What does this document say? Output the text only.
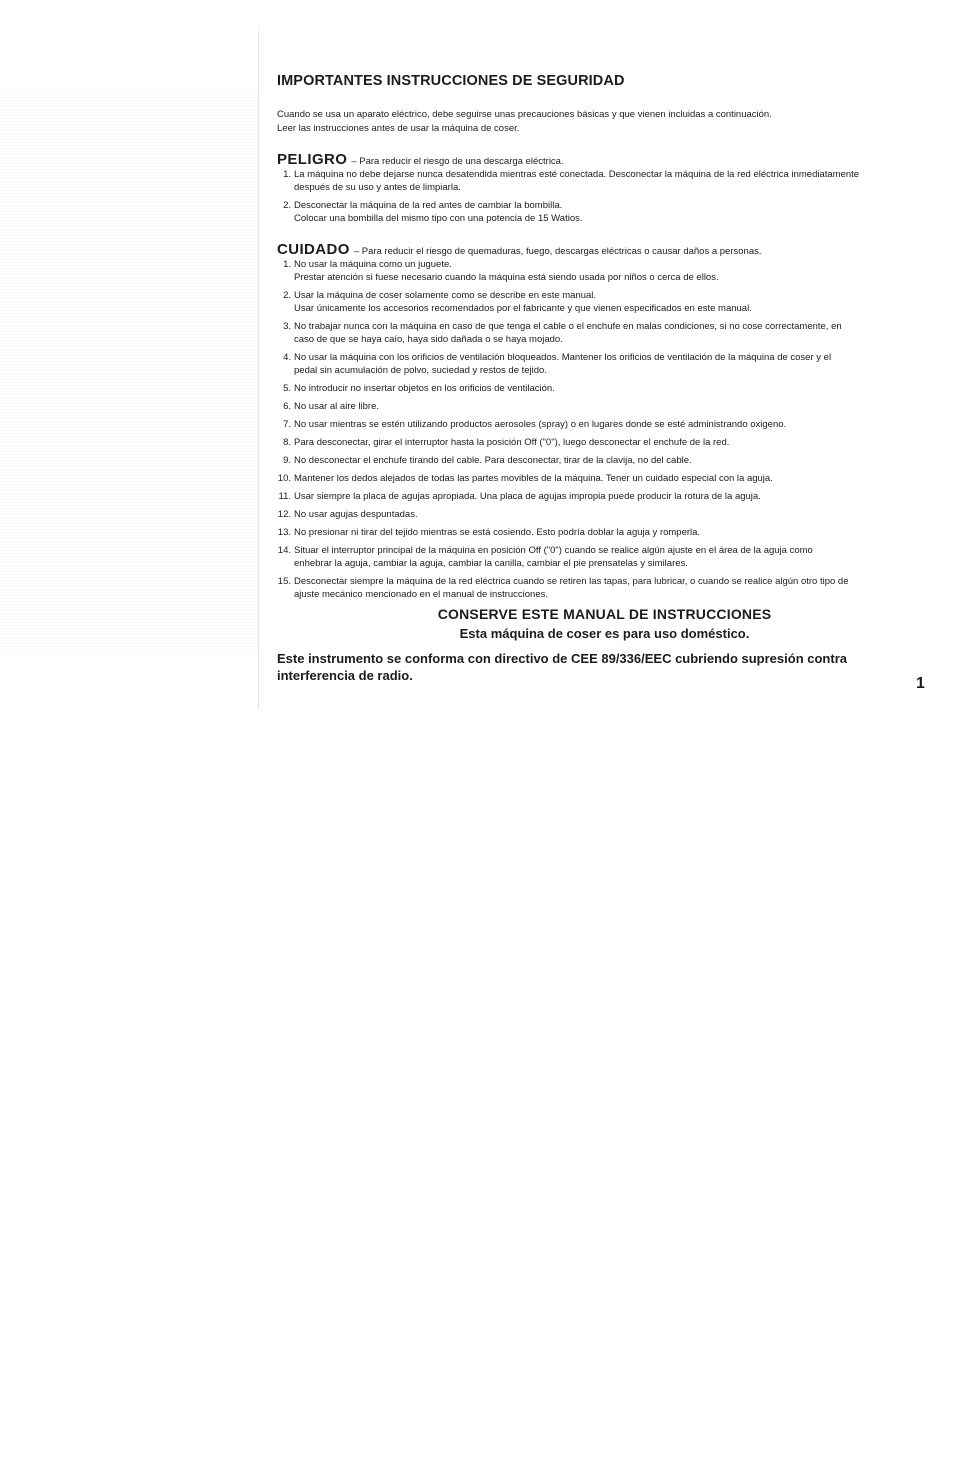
IMPORTANTES INSTRUCCIONES DE SEGURIDAD
Cuando se usa un aparato eléctrico, debe seguirse unas precauciones básicas y que vienen incluidas a continuación.
Leer las instrucciones antes de usar la máquina de coser.
PELIGRO – Para reducir el riesgo de una descarga eléctrica.
1. La máquina no debe dejarse nunca desatendida mientras esté conectada. Desconectar la máquina de la red eléctrica inmediatamente
después de su uso y antes de limpiarla.
2. Desconectar la máquina de la red antes de cambiar la bombilla.
Colocar una bombilla del mismo tipo con una potencia de 15 Watios.
CUIDADO – Para reducir el riesgo de quemaduras, fuego, descargas eléctricas o causar daños a personas.
1. No usar la máquina como un juguete.
Prestar atención si fuese necesario cuando la máquina está siendo usada por niños o cerca de ellos.
2. Usar la máquina de coser solamente como se describe en este manual.
Usar únicamente los accesorios recomendados por el fabricante y que vienen especificados en este manual.
3. No trabajar nunca con la máquina en caso de que tenga el cable o el enchufe en malas condiciones, si no cose correctamente, en
caso de que se haya caío, haya sido dañada o se haya mojado.
4. No usar la máquina con los orificios de ventilación bloqueados. Mantener los orificios de ventilación de la máquina de coser y el
pedal sin acumulación de polvo, suciedad y restos de tejido.
5. No introducir no insertar objetos en los orificios de ventilación.
6. No usar al aire libre.
7. No usar mientras se estén utilizando productos aerosoles (spray) o en lugares donde se esté administrando oxigeno.
8. Para desconectar, girar el interruptor hasta la posición Off ("0"), luego desconectar el enchufe de la red.
9. No desconectar el enchufe tirando del cable. Para desconectar, tirar de la clavija, no del cable.
10. Mantener los dedos alejados de todas las partes movibles de la máquina. Tener un cuidado especial con la aguja.
11. Usar siempre la placa de agujas apropiada. Una placa de agujas impropia puede producir la rotura de la aguja.
12. No usar agujas despuntadas.
13. No presionar ni tirar del tejido mientras se está cosiendo. Esto podría doblar la aguja y romperla.
14. Situar el interruptor principal de la máquina en posición Off ("0") cuando se realice algún ajuste en el área de la aguja como
enhebrar la aguja, cambiar la aguja, cambiar la canilla, cambiar el pie prensatelas y similares.
15. Desconectar siempre la máquina de la red eléctrica cuando se retiren las tapas, para lubricar, o cuando se realice algún otro tipo de
ajuste mecánico mencionado en el manual de instrucciones.
CONSERVE ESTE MANUAL DE INSTRUCCIONES
Esta máquina de coser es para uso doméstico.
Este instrumento se conforma con directivo de CEE 89/336/EEC cubriendo supresión contra interferencia de radio.	1
